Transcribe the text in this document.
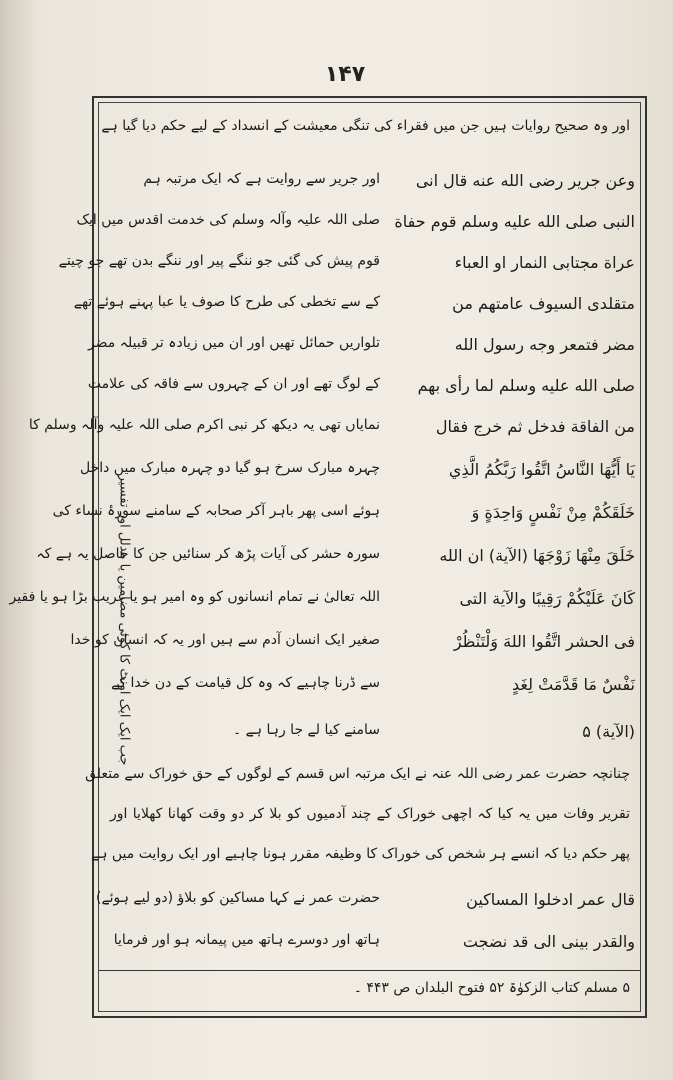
۱۴۷
اور وہ صحیح روایات ہیں جن میں فقراء کی تنگی معیشت کے انسداد کے لیے حکم دیا گیا ہے
وعن جرير رضى الله عنه قال انى
اور جریر سے روایت ہے کہ ایک مرتبہ ہم
النبى صلى الله عليه وسلم قوم حفاة
صلی اللہ علیہ وآلہ وسلم کی خدمت اقدس میں ایک
عراة مجتابى النمار او العباء
قوم پیش کی گئی جو ننگے پیر اور ننگے بدن تھے جو چیتے
متقلدى السيوف عامتهم من
کے سے تخطی کی طرح کا صوف یا عبا پہنے ہوئے تھے
مضر فتمعر وجه رسول الله
تلواریں حمائل تھیں اور ان میں زیادہ تر قبیلہ مضر
صلى الله عليه وسلم لما رأى بهم
کے لوگ تھے اور ان کے چہروں سے فاقہ کی علامت
من الفاقة فدخل ثم خرج فقال
نمایاں تھی یہ دیکھ کر نبی اکرم صلی اللہ علیہ وآلہ وسلم کا
يَا أَيُّهَا النَّاسُ اتَّقُوا رَبَّكُمُ الَّذِي
چہرہ مبارک سرخ ہو گیا دو چہرہ مبارک میں داخل
خَلَقَكُمْ مِنْ نَفْسٍ وَاحِدَةٍ وَ
ہوئے اسی پھر باہر آکر صحابہ کے سامنے سورۂ نساء کی
خَلَقَ مِنْهَا زَوْجَهَا (الآية) ان الله
سورہ حشر کی آیات پڑھ کر سنائیں جن کا حاصل یہ ہے کہ
كَانَ عَلَيْكُمْ رَقِيبًا والآية التى
اللہ تعالیٰ نے تمام انسانوں کو وہ امیر ہو یا غریب بڑا ہو یا فقیر
فى الحشر اتَّقُوا اللهَ وَلْتَنْظُرْ
صغیر ایک انسان آدم سے ہیں اور یہ کہ انسان کو خدا
نَفْسٌ مَا قَدَّمَتْ لِغَدٍ
سے ڈرنا چاہیے کہ وہ کل قیامت کے دن خدا کے
(الآية) ۵
سامنے کیا لے جا رہا ہے ۔
جب ایک ایک اونٹ کا کوئی مضامین یا مدلل اور تفسیر
چنانچہ حضرت عمر رضی اللہ عنہ نے ایک مرتبہ اس قسم کے لوگوں کے حق خوراک سے متعلق
تقریر وفات میں یہ کیا کہ اچھی خوراک کے چند آدمیوں کو بلا کر دو وقت کھانا کھلایا اور
پھر حکم دیا کہ انسے ہر شخص کی خوراک کا وظیفہ مقرر ہونا چاہیے اور ایک روایت میں ہے
قال عمر ادخلوا المساكين
حضرت عمر نے کہا مساکین کو بلاؤ (دو لیے ہوئے)
والقدر بينى الى قد نضجت
ہاتھ اور دوسرے ہاتھ میں پیمانہ ہو اور فرمایا
۵ مسلم کتاب الزکوٰۃ ۵۲ فتوح البلدان ص ۴۴۳ ۔
